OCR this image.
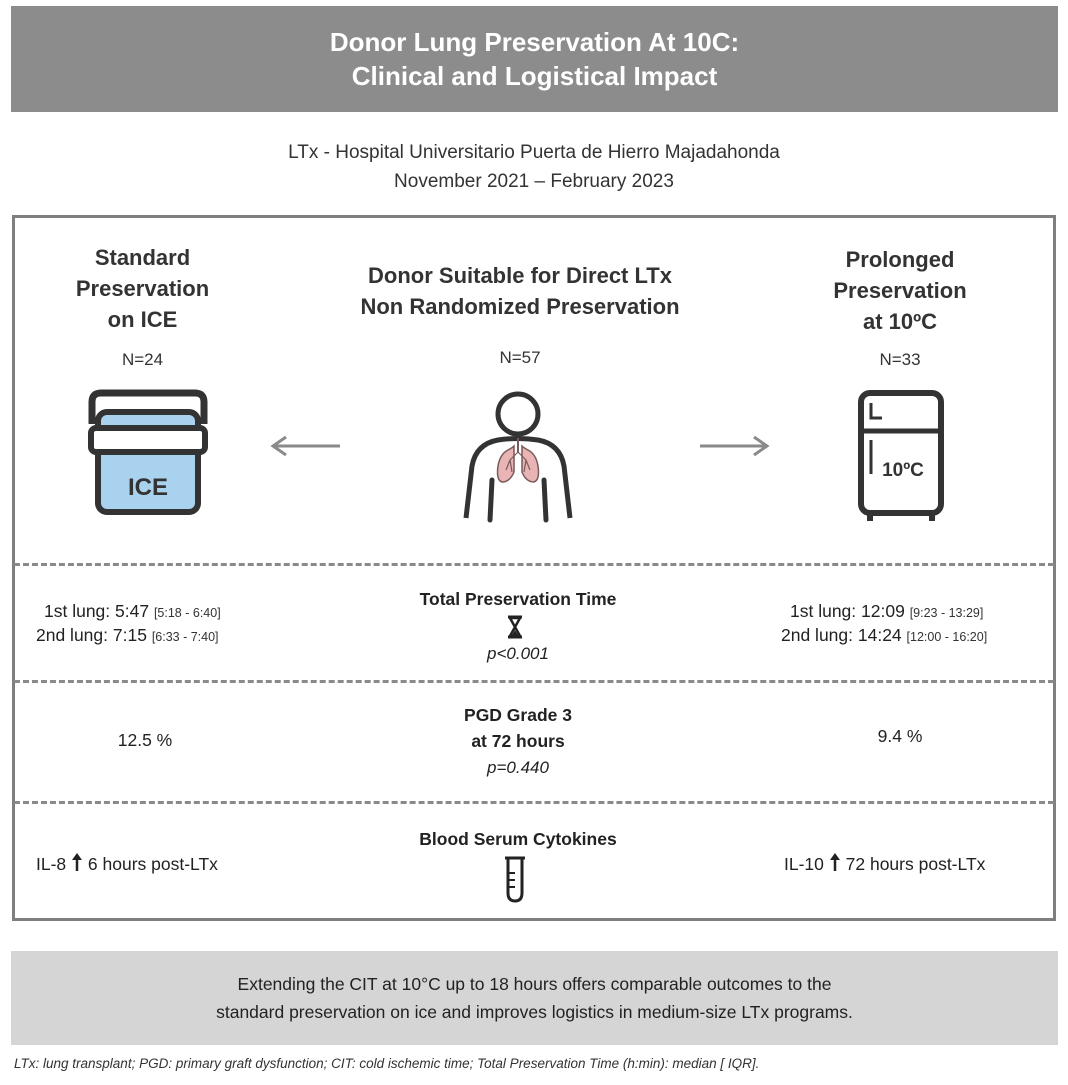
Donor Lung Preservation At 10C:
Clinical and Logistical Impact
LTx - Hospital Universitario Puerta de Hierro Majadahonda
November 2021 – February 2023
Standard
Preservation
on ICE
N=24
Donor Suitable for Direct LTx
Non Randomized Preservation
N=57
Prolonged
Preservation
at 10ºC
N=33
ICE
10ºC
1st lung: 5:47 [5:18 - 6:40]
2nd lung: 7:15 [6:33 - 7:40]
Total Preservation Time
p<0.001
1st lung: 12:09 [9:23 - 13:29]
2nd lung: 14:24 [12:00 - 16:20]
12.5 %
PGD Grade 3
at 72 hours
p=0.440
9.4 %
IL-8 6 hours post-LTx
Blood Serum Cytokines
IL-10 72 hours post-LTx
Extending the CIT at 10°C up to 18 hours offers comparable outcomes to the
standard preservation on ice and improves logistics in medium-size LTx programs.
LTx: lung transplant; PGD: primary graft dysfunction; CIT: cold ischemic time; Total Preservation Time (h:min): median [ IQR].
